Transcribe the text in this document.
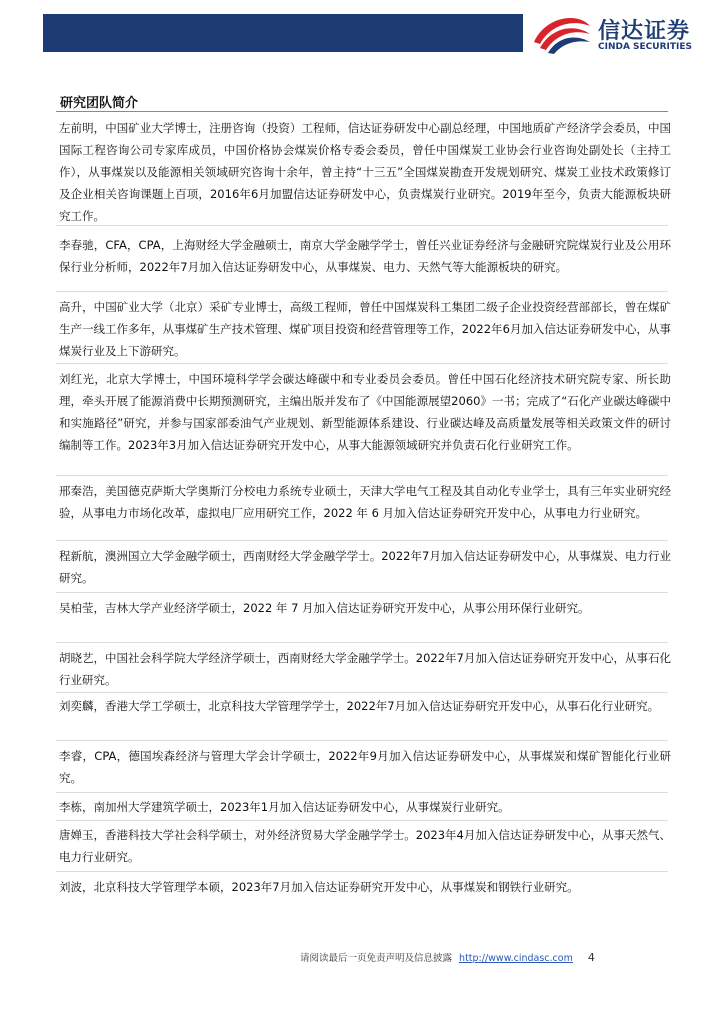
信达证券
CINDA SECURITIES
研究团队简介

左前明，中国矿业大学博士，注册咨询（投资）工程师，信达证券研发中心副总经理，中国地质矿产经济学会委员，中国国际工程咨询公司专家库成员，中国价格协会煤炭价格专委会委员，曾任中国煤炭工业协会行业咨询处副处长（主持工作），从事煤炭以及能源相关领域研究咨询十余年，曾主持“十三五”全国煤炭勘查开发规划研究、煤炭工业技术政策修订及企业相关咨询课题上百项，2016年6月加盟信达证券研发中心，负责煤炭行业研究。2019年至今，负责大能源板块研究工作。

李春驰，CFA，CPA，上海财经大学金融硕士，南京大学金融学学士，曾任兴业证券经济与金融研究院煤炭行业及公用环保行业分析师，2022年7月加入信达证券研发中心，从事煤炭、电力、天然气等大能源板块的研究。

高升，中国矿业大学（北京）采矿专业博士，高级工程师，曾任中国煤炭科工集团二级子企业投资经营部部长，曾在煤矿生产一线工作多年，从事煤矿生产技术管理、煤矿项目投资和经营管理等工作，2022年6月加入信达证券研发中心，从事煤炭行业及上下游研究。

刘红光，北京大学博士，中国环境科学学会碳达峰碳中和专业委员会委员。曾任中国石化经济技术研究院专家、所长助理，牵头开展了能源消费中长期预测研究，主编出版并发布了《中国能源展望2060》一书；完成了“石化产业碳达峰碳中和实施路径”研究，并参与国家部委油气产业规划、新型能源体系建设、行业碳达峰及高质量发展等相关政策文件的研讨编制等工作。2023年3月加入信达证券研究开发中心，从事大能源领域研究并负责石化行业研究工作。

邢秦浩，美国德克萨斯大学奥斯汀分校电力系统专业硕士，天津大学电气工程及其自动化专业学士，具有三年实业研究经验，从事电力市场化改革，虚拟电厂应用研究工作，2022 年 6 月加入信达证券研究开发中心，从事电力行业研究。

程新航，澳洲国立大学金融学硕士，西南财经大学金融学学士。2022年7月加入信达证券研发中心，从事煤炭、电力行业研究。

吴柏莹，吉林大学产业经济学硕士，2022 年 7 月加入信达证券研究开发中心，从事公用环保行业研究。

胡晓艺，中国社会科学院大学经济学硕士，西南财经大学金融学学士。2022年7月加入信达证券研究开发中心，从事石化行业研究。

刘奕麟，香港大学工学硕士，北京科技大学管理学学士，2022年7月加入信达证券研究开发中心，从事石化行业研究。

李睿，CPA，德国埃森经济与管理大学会计学硕士，2022年9月加入信达证券研发中心，从事煤炭和煤矿智能化行业研究。

李栋，南加州大学建筑学硕士，2023年1月加入信达证券研发中心，从事煤炭行业研究。

唐婵玉，香港科技大学社会科学硕士，对外经济贸易大学金融学学士。2023年4月加入信达证券研发中心，从事天然气、电力行业研究。

刘波，北京科技大学管理学本硕，2023年7月加入信达证券研究开发中心，从事煤炭和钢铁行业研究。

请阅读最后一页免责声明及信息披露 http://www.cindasc.com 4
